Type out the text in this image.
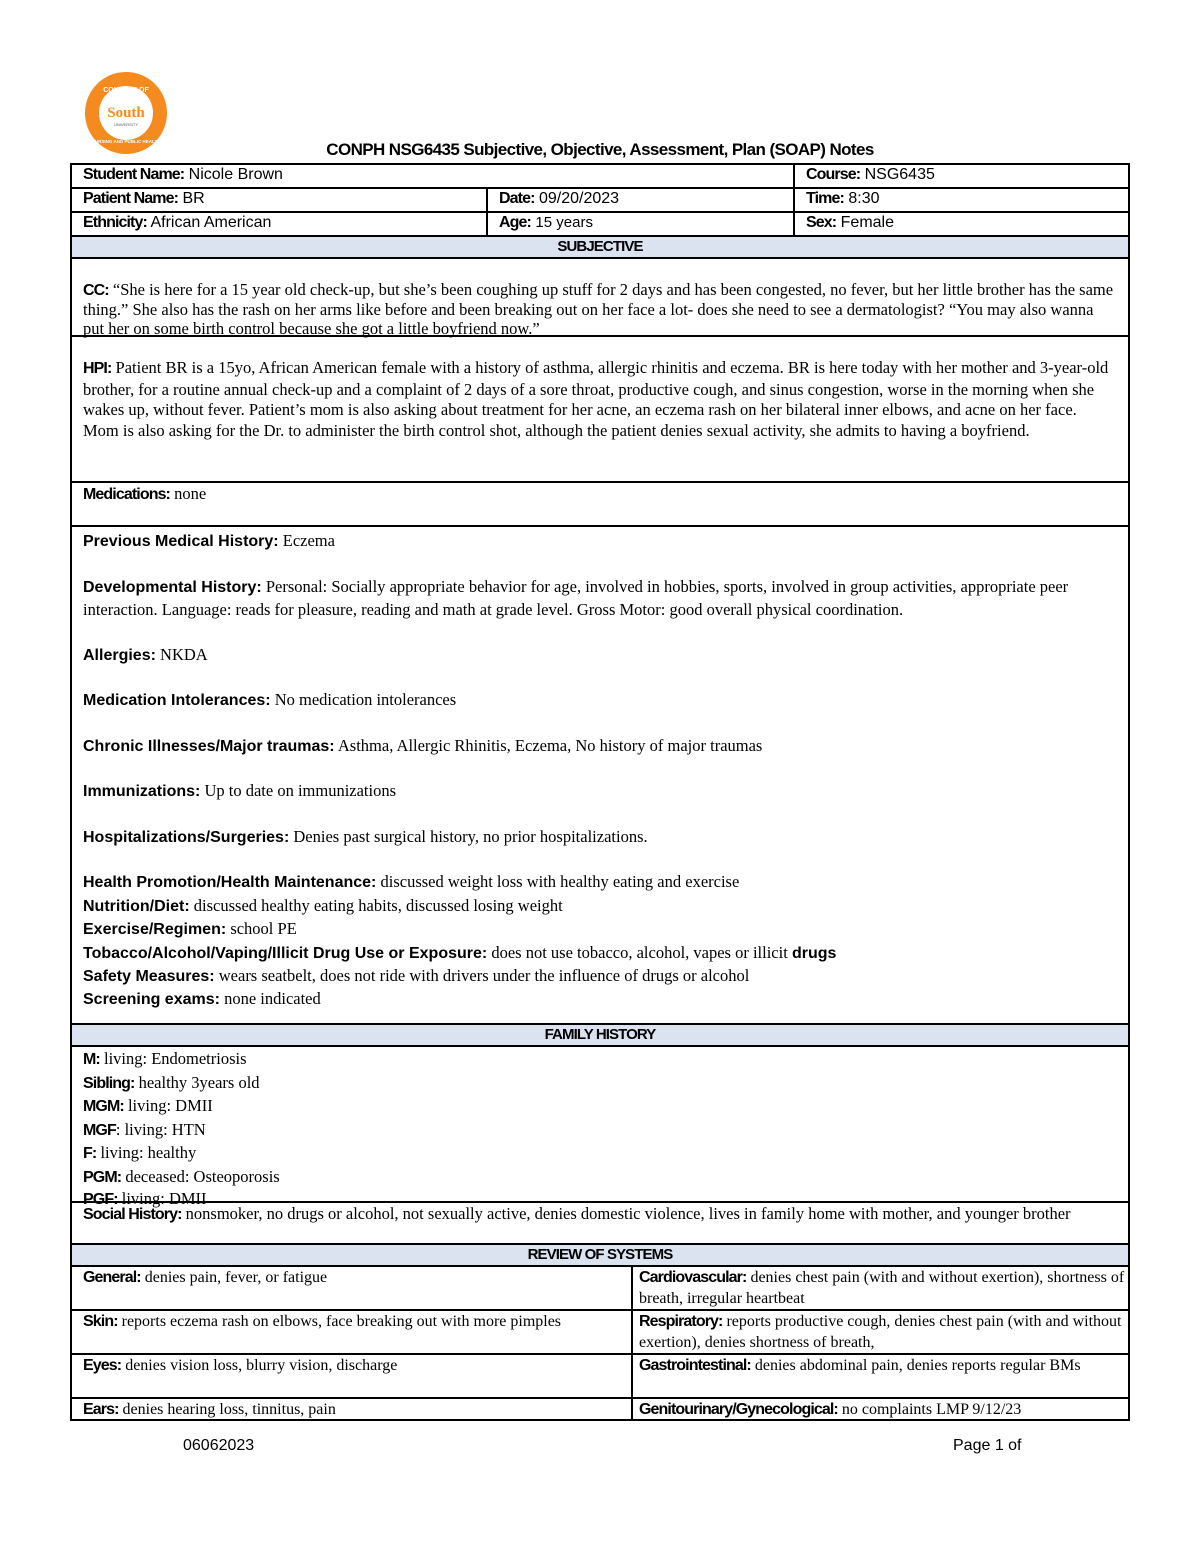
COLLEGE OF
South
UNIVERSITY
NURSING AND PUBLIC HEALTH	CONPH NSG6435 Subjective, Objective, Assessment, Plan (SOAP) Notes
Student Name: Nicole Brown	Course: NSG6435
Patient Name: BR	Date: 09/20/2023	Time: 8:30
Ethnicity: African American	Age: 15 years	Sex: Female
SUBJECTIVE

CC: “She is here for a 15 year old check-up, but she’s been coughing up stuff for 2 days and has been congested, no fever, but her little brother has the same thing.” She also has the rash on her arms like before and been breaking out on her face a lot- does she need to see a dermatologist? “You may also wanna put her on some birth control because she got a little boyfriend now.”

HPI: Patient BR is a 15yo, African American female with a history of asthma, allergic rhinitis and eczema. BR is here today with her mother and 3-year-old brother, for a routine annual check-up and a complaint of 2 days of a sore throat, productive cough, and sinus congestion, worse in the morning when she wakes up, without fever. Patient’s mom is also asking about treatment for her acne, an eczema rash on her bilateral inner elbows, and acne on her face. Mom is also asking for the Dr. to administer the birth control shot, although the patient denies sexual activity, she admits to having a boyfriend.

Medications: none

Previous Medical History: Eczema

Developmental History: Personal: Socially appropriate behavior for age, involved in hobbies, sports, involved in group activities, appropriate peer interaction. Language: reads for pleasure, reading and math at grade level. Gross Motor: good overall physical coordination.

Allergies: NKDA

Medication Intolerances: No medication intolerances

Chronic Illnesses/Major traumas: Asthma, Allergic Rhinitis, Eczema, No history of major traumas

Immunizations: Up to date on immunizations

Hospitalizations/Surgeries: Denies past surgical history, no prior hospitalizations.

Health Promotion/Health Maintenance: discussed weight loss with healthy eating and exercise

Nutrition/Diet: discussed healthy eating habits, discussed losing weight

Exercise/Regimen: school PE

Tobacco/Alcohol/Vaping/Illicit Drug Use or Exposure: does not use tobacco, alcohol, vapes or illicit drugs

Safety Measures: wears seatbelt, does not ride with drivers under the influence of drugs or alcohol

Screening exams: none indicated

FAMILY HISTORY

M: living: Endometriosis

Sibling: healthy 3years old

MGM: living: DMII

MGF: living: HTN

F: living: healthy

PGM: deceased: Osteoporosis

PGF: living: DMII

Social History: nonsmoker, no drugs or alcohol, not sexually active, denies domestic violence, lives in family home with mother, and younger brother

REVIEW OF SYSTEMS
General: denies pain, fever, or fatigue	Cardiovascular: denies chest pain (with and without exertion), shortness of breath, irregular heartbeat
Skin: reports eczema rash on elbows, face breaking out with more pimples	Respiratory: reports productive cough, denies chest pain (with and without exertion), denies shortness of breath,
Eyes: denies vision loss, blurry vision, discharge	Gastrointestinal: denies abdominal pain, denies reports regular BMs
Ears: denies hearing loss, tinnitus, pain	Genitourinary/Gynecological: no complaints LMP 9/12/23
06062023	Page 1 of
